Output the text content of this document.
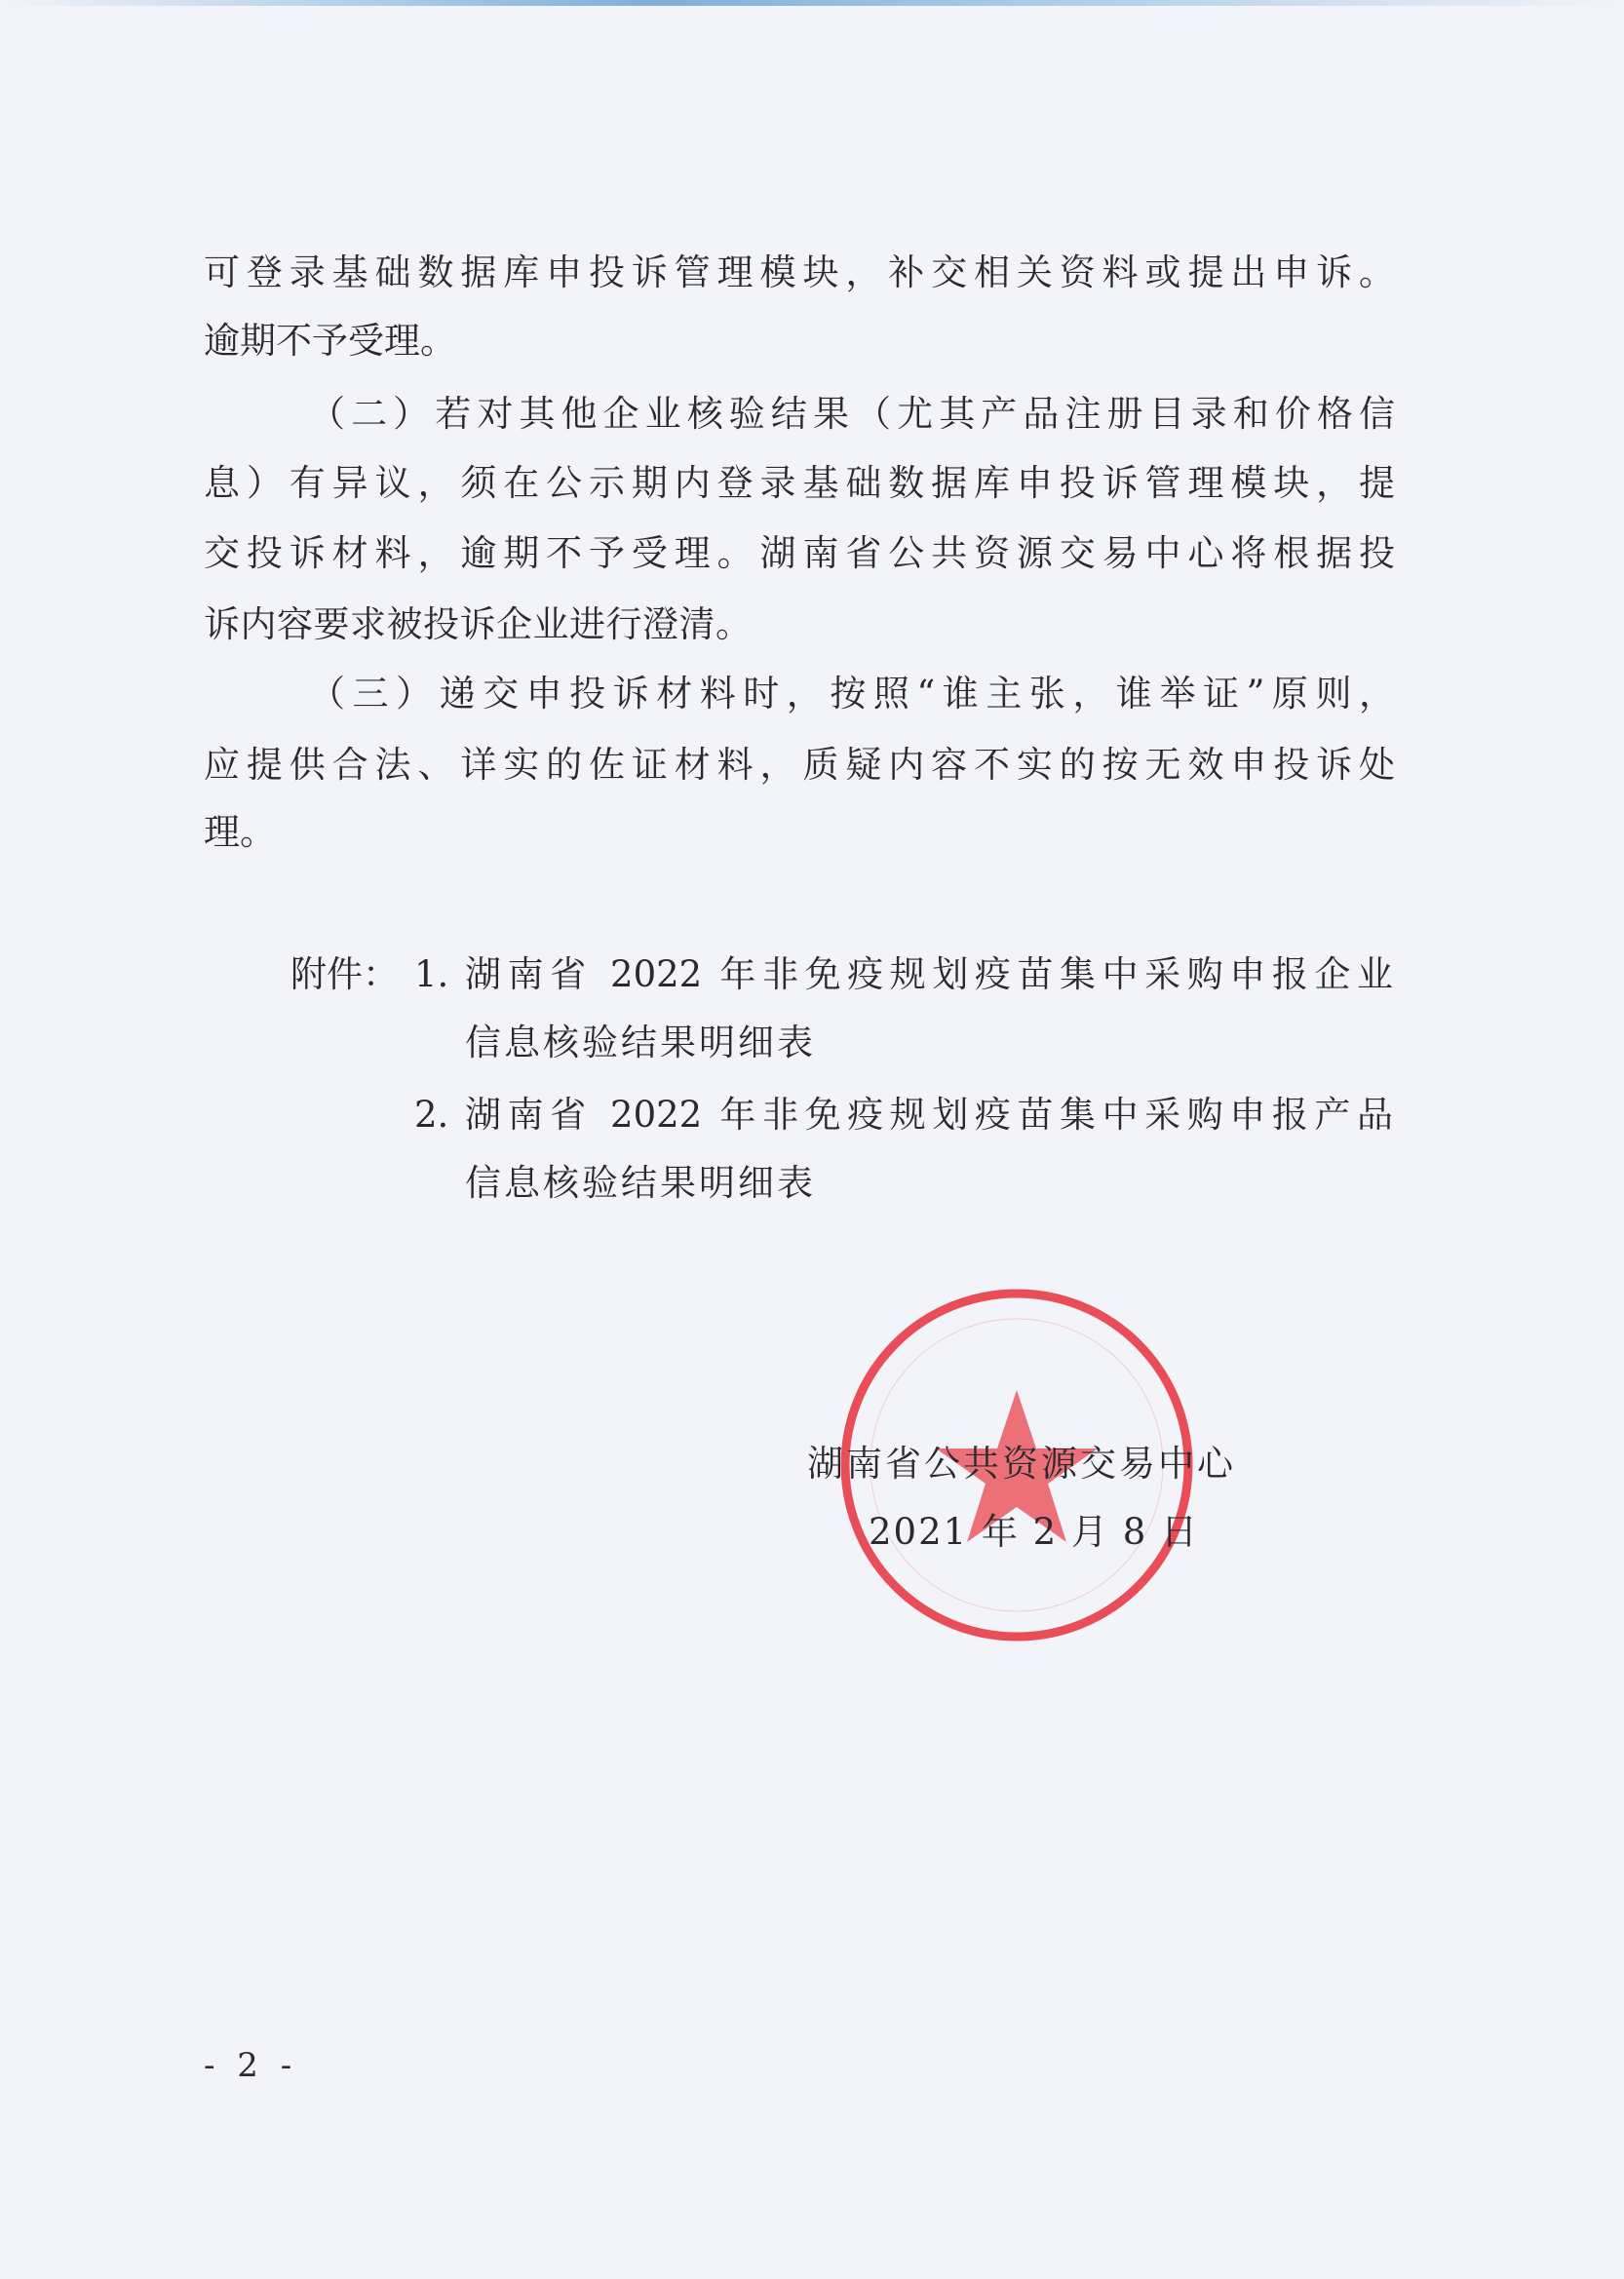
可登录基础数据库申投诉管理模块，补交相关资料或提出申诉。
逾期不予受理。
（二）若对其他企业核验结果（尤其产品注册目录和价格信
息）有异议，须在公示期内登录基础数据库申投诉管理模块，提
交投诉材料，逾期不予受理。湖南省公共资源交易中心将根据投
诉内容要求被投诉企业进行澄清。
（三）递交申投诉材料时，按照“谁主张，谁举证”原则，
应提供合法、详实的佐证材料，质疑内容不实的按无效申投诉处
理。
附件： 1. 湖南省 2022 年非免疫规划疫苗集中采购申报企业
信息核验结果明细表
2. 湖南省 2022 年非免疫规划疫苗集中采购申报产品
信息核验结果明细表
湖南省公共资源交易中心
2021 年 2 月 8 日
- 2 -
